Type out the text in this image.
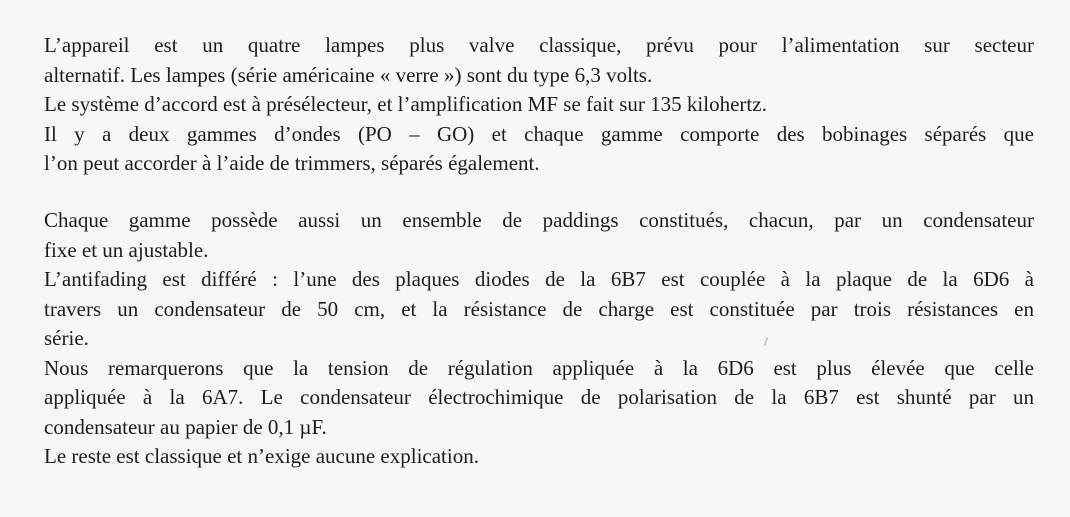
L’appareil est un quatre lampes plus valve classique, prévu pour l’alimentation sur secteur
alternatif. Les lampes (série américaine « verre ») sont du type 6,3 volts.
Le système d’accord est à présélecteur, et l’amplification MF se fait sur 135 kilohertz.
Il y a deux gammes d’ondes (PO – GO) et chaque gamme comporte des bobinages séparés que
l’on peut accorder à l’aide de trimmers, séparés également.
Chaque gamme possède aussi un ensemble de paddings constitués, chacun, par un condensateur
fixe et un ajustable.
L’antifading est différé : l’une des plaques diodes de la 6B7 est couplée à la plaque de la 6D6 à
travers un condensateur de 50 cm, et la résistance de charge est constituée par trois résistances en
série.
Nous remarquerons que la tension de régulation appliquée à la 6D6 est plus élevée que celle
appliquée à la 6A7. Le condensateur électrochimique de polarisation de la 6B7 est shunté par un
condensateur au papier de 0,1 µF.
Le reste est classique et n’exige aucune explication.
